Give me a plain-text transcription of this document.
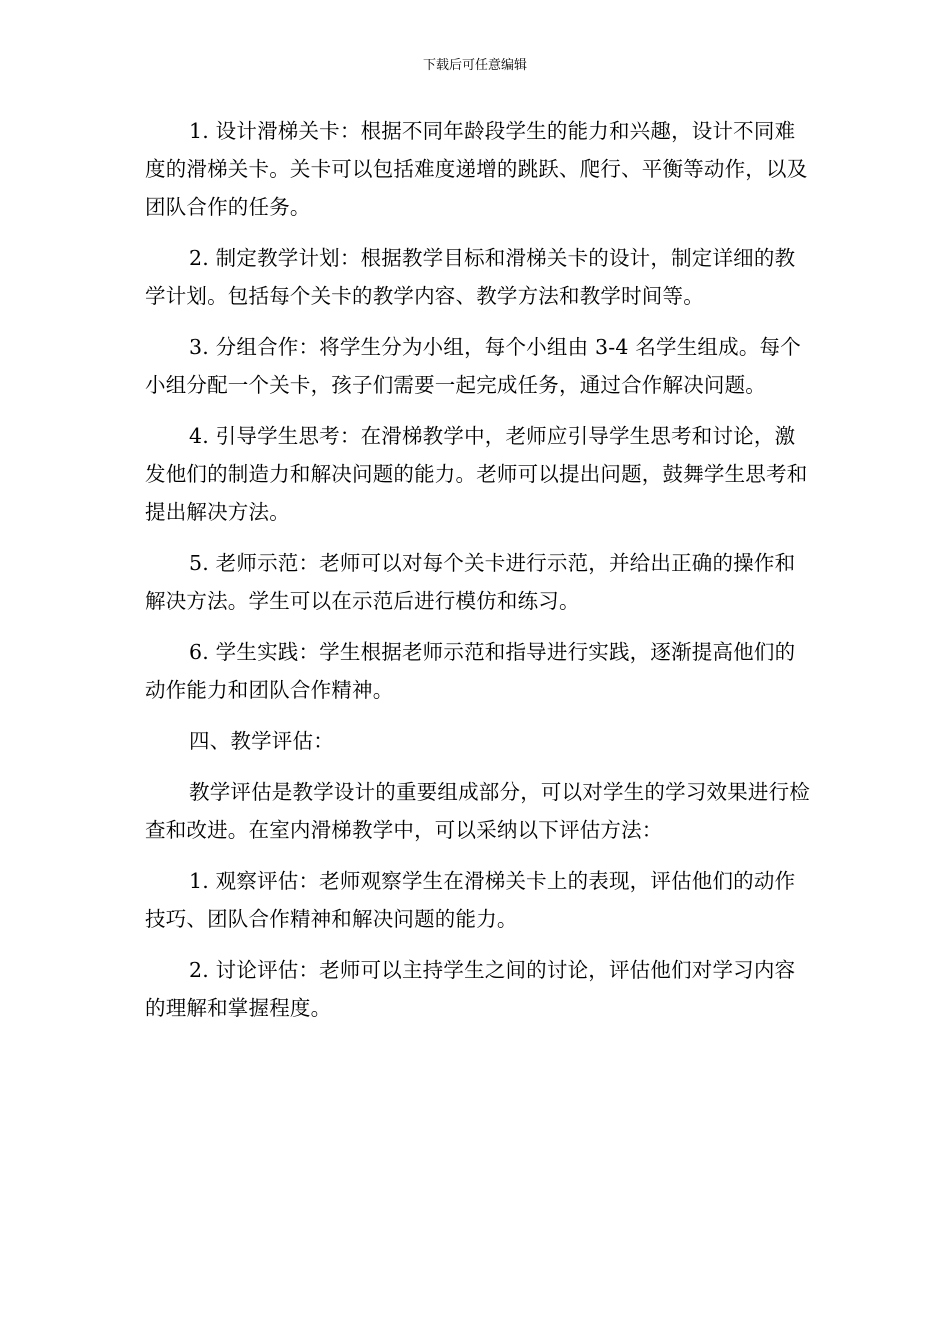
下载后可任意编辑

1. 设计滑梯关卡：根据不同年龄段学生的能力和兴趣，设计不同难度的滑梯关卡。关卡可以包括难度递增的跳跃、爬行、平衡等动作，以及团队合作的任务。

2. 制定教学计划：根据教学目标和滑梯关卡的设计，制定详细的教学计划。包括每个关卡的教学内容、教学方法和教学时间等。

3. 分组合作：将学生分为小组，每个小组由 3-4 名学生组成。每个小组分配一个关卡，孩子们需要一起完成任务，通过合作解决问题。

4. 引导学生思考：在滑梯教学中，老师应引导学生思考和讨论，激发他们的制造力和解决问题的能力。老师可以提出问题，鼓舞学生思考和提出解决方法。

5. 老师示范：老师可以对每个关卡进行示范，并给出正确的操作和解决方法。学生可以在示范后进行模仿和练习。

6. 学生实践：学生根据老师示范和指导进行实践，逐渐提高他们的动作能力和团队合作精神。

四、教学评估：

教学评估是教学设计的重要组成部分，可以对学生的学习效果进行检查和改进。在室内滑梯教学中，可以采纳以下评估方法：

1. 观察评估：老师观察学生在滑梯关卡上的表现，评估他们的动作技巧、团队合作精神和解决问题的能力。

2. 讨论评估：老师可以主持学生之间的讨论，评估他们对学习内容的理解和掌握程度。
